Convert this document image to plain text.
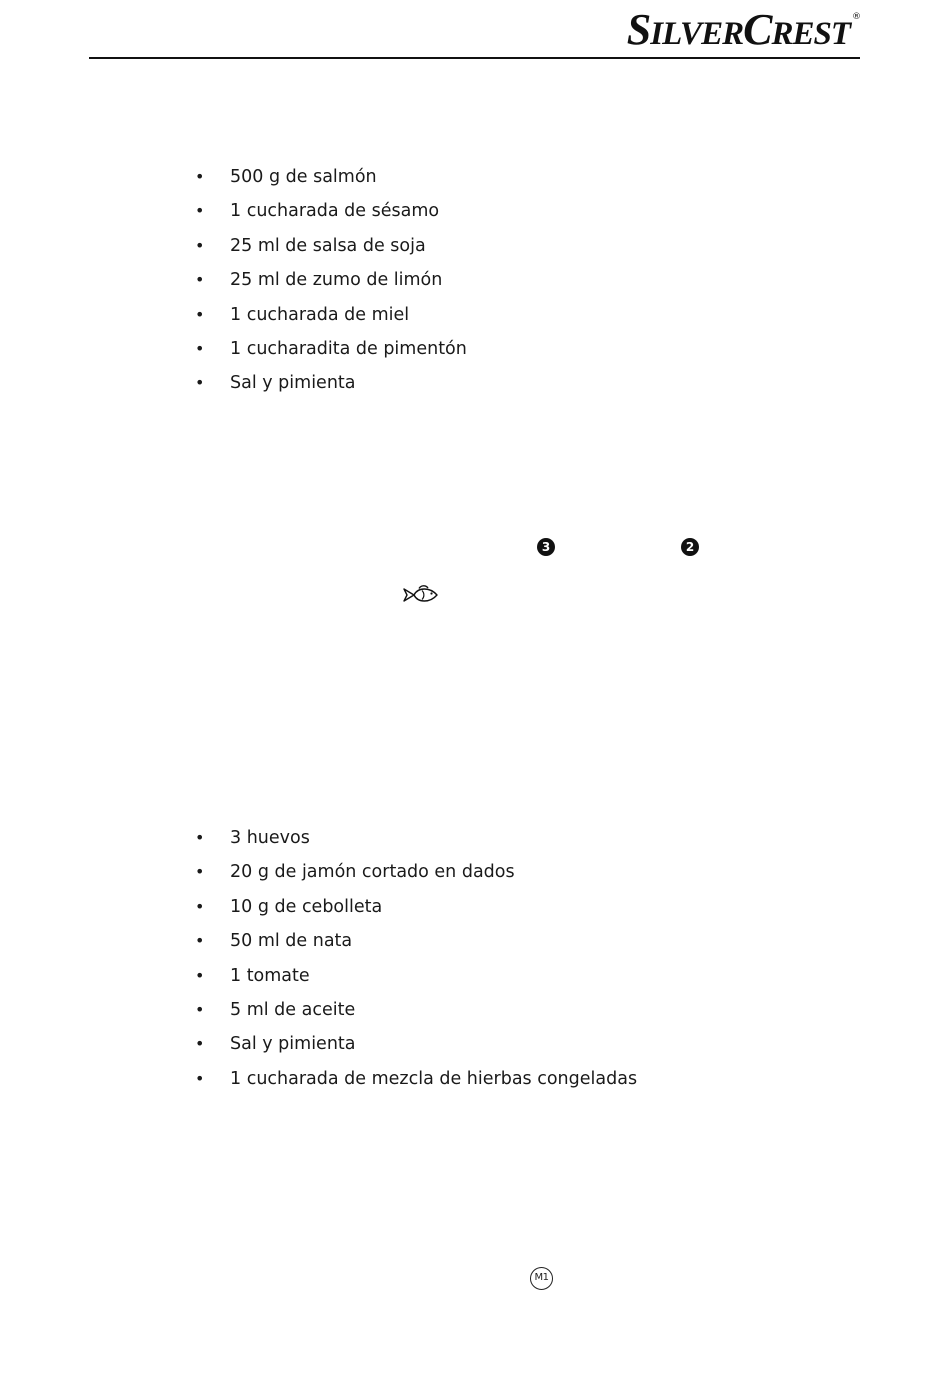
SILVERCREST ®
• 500 g de salmón
• 1 cucharada de sésamo
• 25 ml de salsa de soja
• 25 ml de zumo de limón
• 1 cucharada de miel
• 1 cucharadita de pimentón
• Sal y pimienta
3	2
• 3 huevos
• 20 g de jamón cortado en dados
• 10 g de cebolleta
• 50 ml de nata
• 1 tomate
• 5 ml de aceite
• Sal y pimienta
• 1 cucharada de mezcla de hierbas congeladas
M1
